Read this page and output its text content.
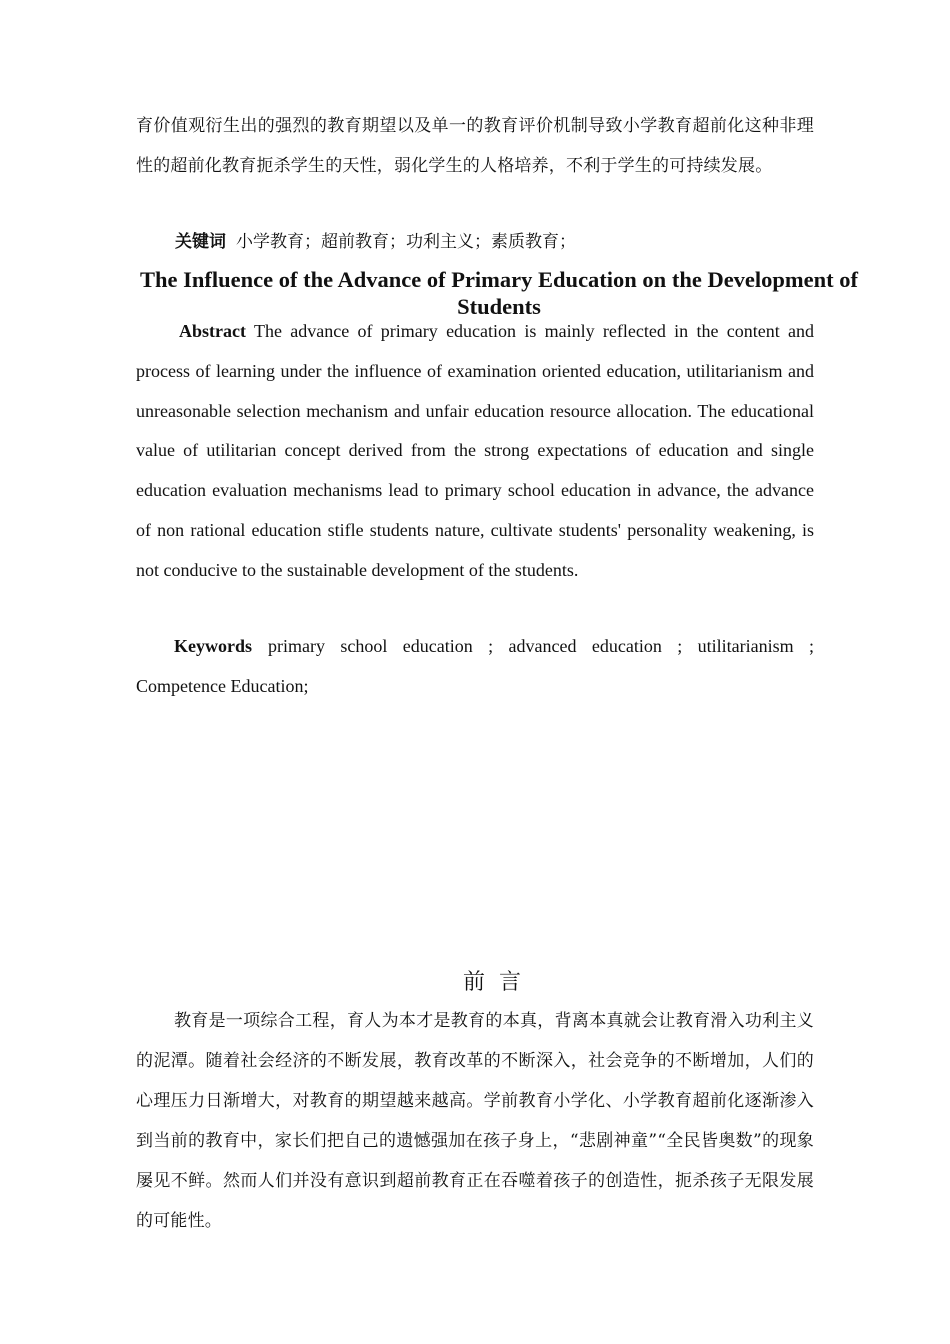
育价值观衍生出的强烈的教育期望以及单一的教育评价机制导致小学教育超前化这种非理性的超前化教育扼杀学生的天性，弱化学生的人格培养，不利于学生的可持续发展。
关键词 小学教育；超前教育；功利主义；素质教育；
The Influence of the Advance of Primary Education on the Development of Students
Abstract The advance of primary education is mainly reflected in the content and process of learning under the influence of examination oriented education, utilitarianism and unreasonable selection mechanism and unfair education resource allocation. The educational value of utilitarian concept derived from the strong expectations of education and single education evaluation mechanisms lead to primary school education in advance, the advance of non rational education stifle students nature, cultivate students' personality weakening, is not conducive to the sustainable development of the students.
Keywords primary school education ; advanced education ; utilitarianism ; Competence Education;
前言
教育是一项综合工程，育人为本才是教育的本真，背离本真就会让教育滑入功利主义的泥潭。随着社会经济的不断发展，教育改革的不断深入，社会竞争的不断增加，人们的心理压力日渐增大，对教育的期望越来越高。学前教育小学化、小学教育超前化逐渐渗入到当前的教育中，家长们把自己的遗憾强加在孩子身上，“悲剧神童”“全民皆奥数”的现象屡见不鲜。然而人们并没有意识到超前教育正在吞噬着孩子的创造性，扼杀孩子无限发展的可能性。
